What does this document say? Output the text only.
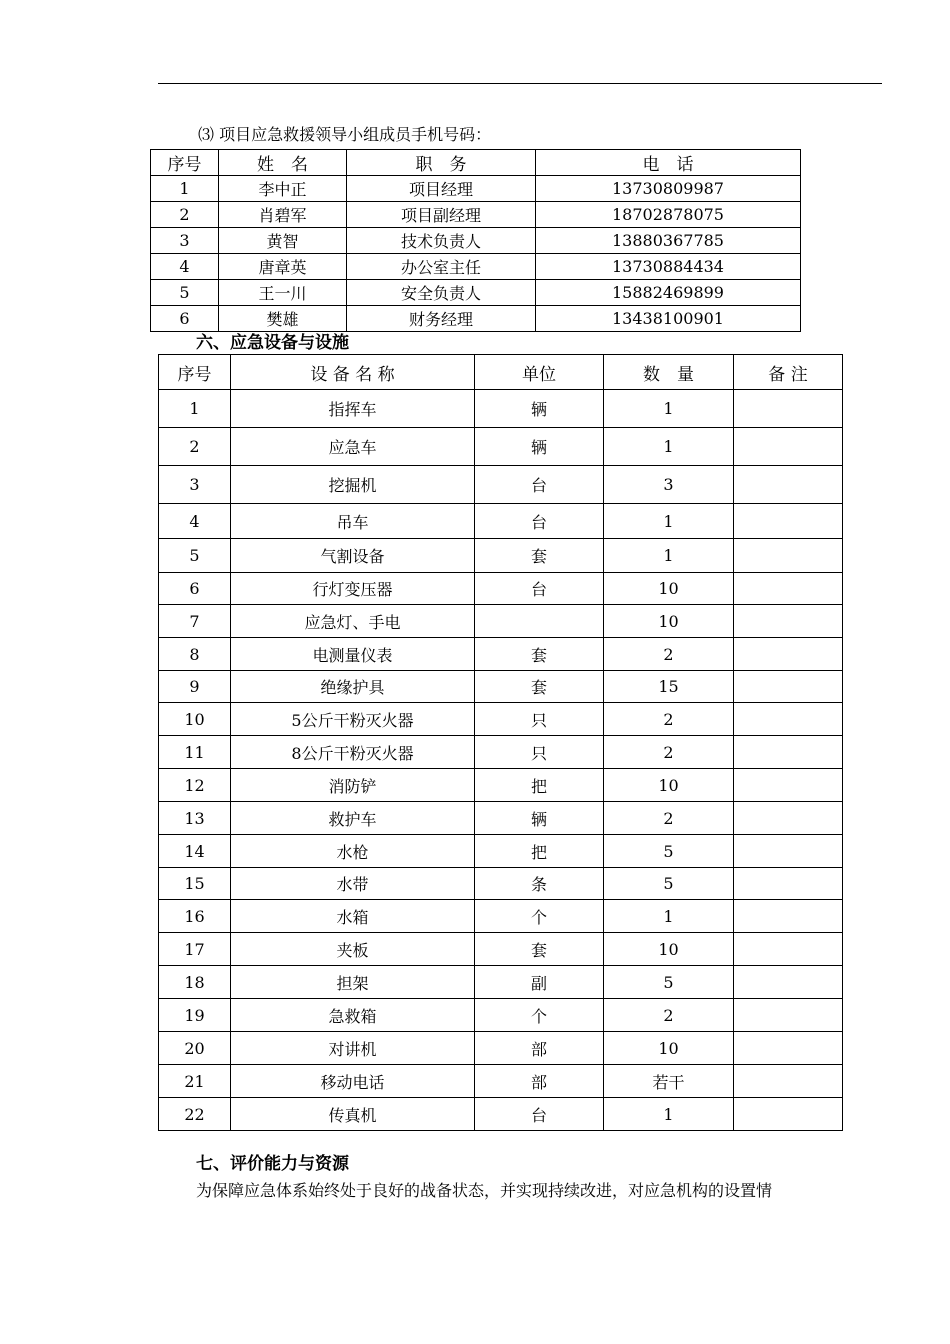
⑶ 项目应急救援领导小组成员手机号码：
序号	姓　名	职　务	电　话
1	李中正	项目经理	13730809987
2	肖碧军	项目副经理	18702878075
3	黄智	技术负责人	13880367785
4	唐章英	办公室主任	13730884434
5	王一川	安全负责人	15882469899
6	樊雄	财务经理	13438100901
六、应急设备与设施
序号	设 备 名 称	单位	数　量	备 注
1	指挥车	辆	1	
2	应急车	辆	1	
3	挖掘机	台	3	
4	吊车	台	1	
5	气割设备	套	1	
6	行灯变压器	台	10	
7	应急灯、手电		10	
8	电测量仪表	套	2	
9	绝缘护具	套	15	
10	5公斤干粉灭火器	只	2	
11	8公斤干粉灭火器	只	2	
12	消防铲	把	10	
13	救护车	辆	2	
14	水枪	把	5	
15	水带	条	5	
16	水箱	个	1	
17	夹板	套	10	
18	担架	副	5	
19	急救箱	个	2	
20	对讲机	部	10	
21	移动电话	部	若干	
22	传真机	台	1	
七、评价能力与资源
为保障应急体系始终处于良好的战备状态，并实现持续改进，对应急机构的设置情
